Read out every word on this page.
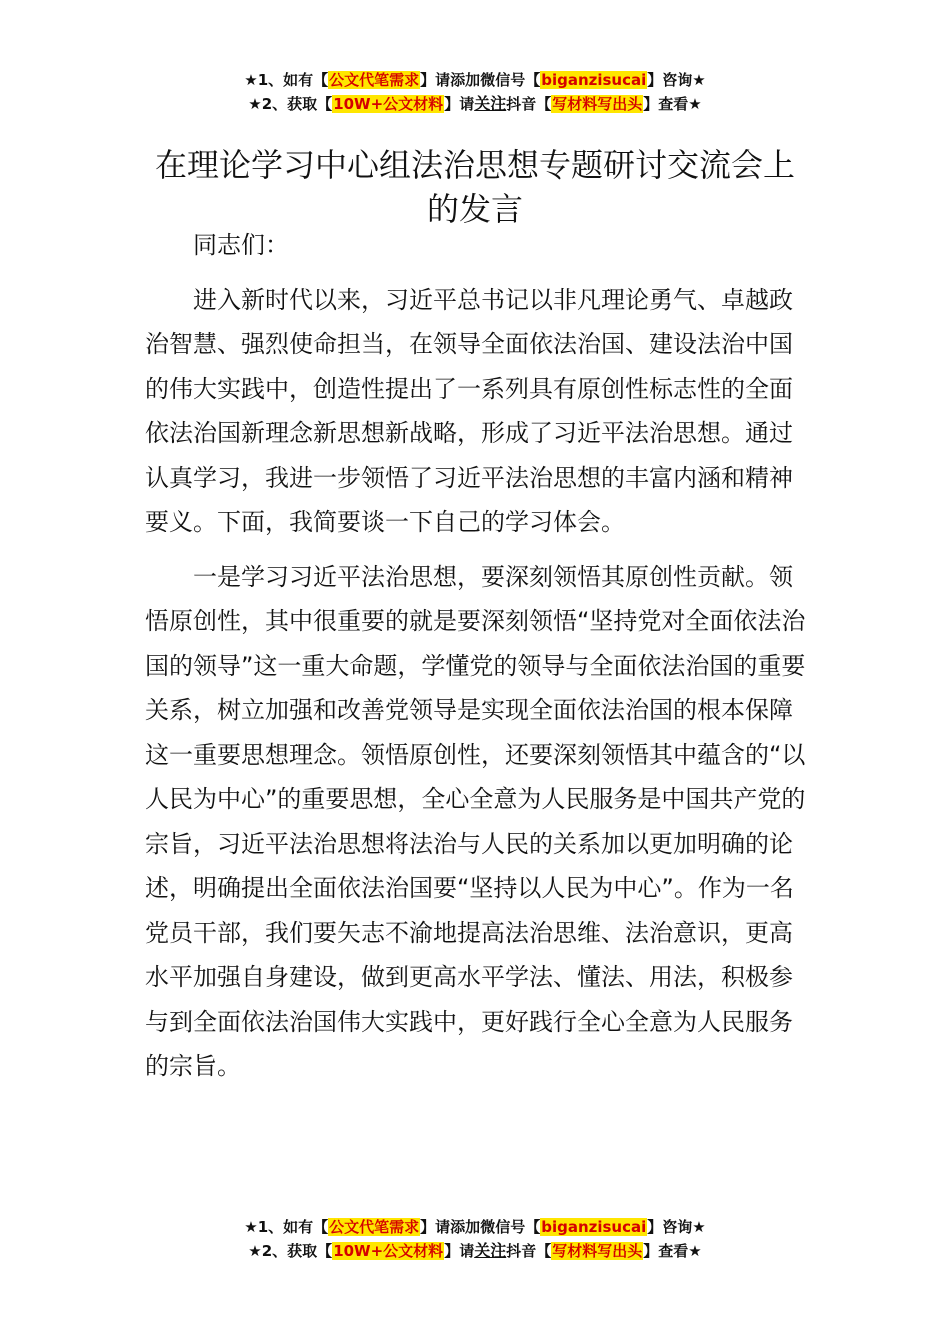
★1、如有【公文代笔需求】请添加微信号【biganzisucai】咨询★
★2、获取【10W+公文材料】请关注抖音【写材料写出头】查看★
在理论学习中心组法治思想专题研讨交流会上的发言

同志们：

进入新时代以来，习近平总书记以非凡理论勇气、卓越政治智慧、强烈使命担当，在领导全面依法治国、建设法治中国的伟大实践中，创造性提出了一系列具有原创性标志性的全面依法治国新理念新思想新战略，形成了习近平法治思想。通过认真学习，我进一步领悟了习近平法治思想的丰富内涵和精神要义。下面，我简要谈一下自己的学习体会。

一是学习习近平法治思想，要深刻领悟其原创性贡献。领悟原创性，其中很重要的就是要深刻领悟“坚持党对全面依法治国的领导”这一重大命题，学懂党的领导与全面依法治国的重要关系，树立加强和改善党领导是实现全面依法治国的根本保障这一重要思想理念。领悟原创性，还要深刻领悟其中蕴含的“以人民为中心”的重要思想，全心全意为人民服务是中国共产党的宗旨，习近平法治思想将法治与人民的关系加以更加明确的论述，明确提出全面依法治国要“坚持以人民为中心”。作为一名党员干部，我们要矢志不渝地提高法治思维、法治意识，更高水平加强自身建设，做到更高水平学法、懂法、用法，积极参与到全面依法治国伟大实践中，更好践行全心全意为人民服务的宗旨。

★1、如有【公文代笔需求】请添加微信号【biganzisucai】咨询★
★2、获取【10W+公文材料】请关注抖音【写材料写出头】查看★
